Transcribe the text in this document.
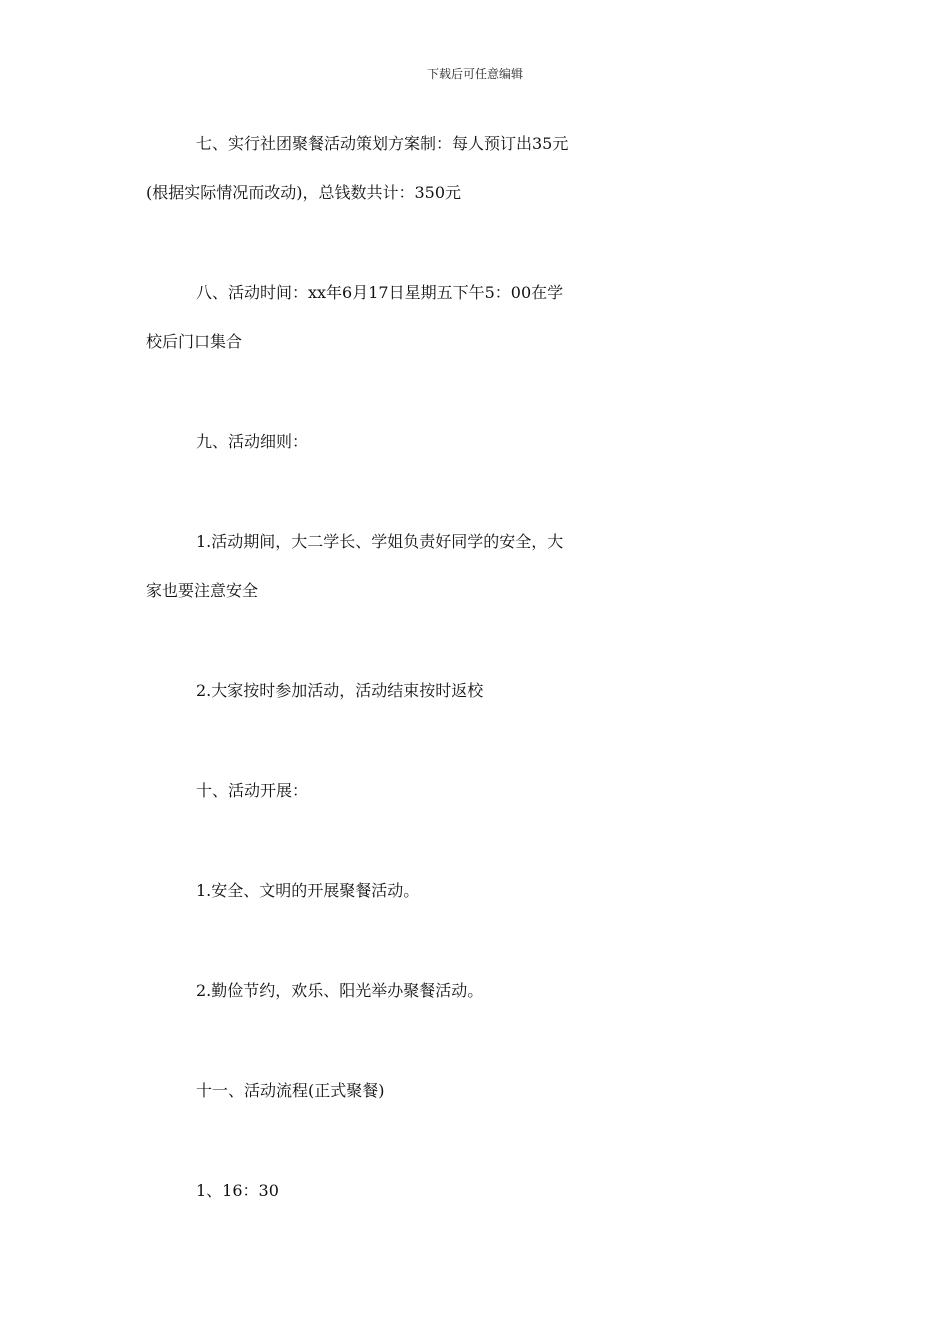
下载后可任意编辑
七、实行社团聚餐活动策划方案制：每人预订出35元
(根据实际情况而改动)，总钱数共计：350元
八、活动时间：xx年6月17日星期五下午5：00在学
校后门口集合
九、活动细则：
1.活动期间，大二学长、学姐负责好同学的安全，大
家也要注意安全
2.大家按时参加活动，活动结束按时返校
十、活动开展：
1.安全、文明的开展聚餐活动。
2.勤俭节约，欢乐、阳光举办聚餐活动。
十一、活动流程(正式聚餐)
1、16：30
